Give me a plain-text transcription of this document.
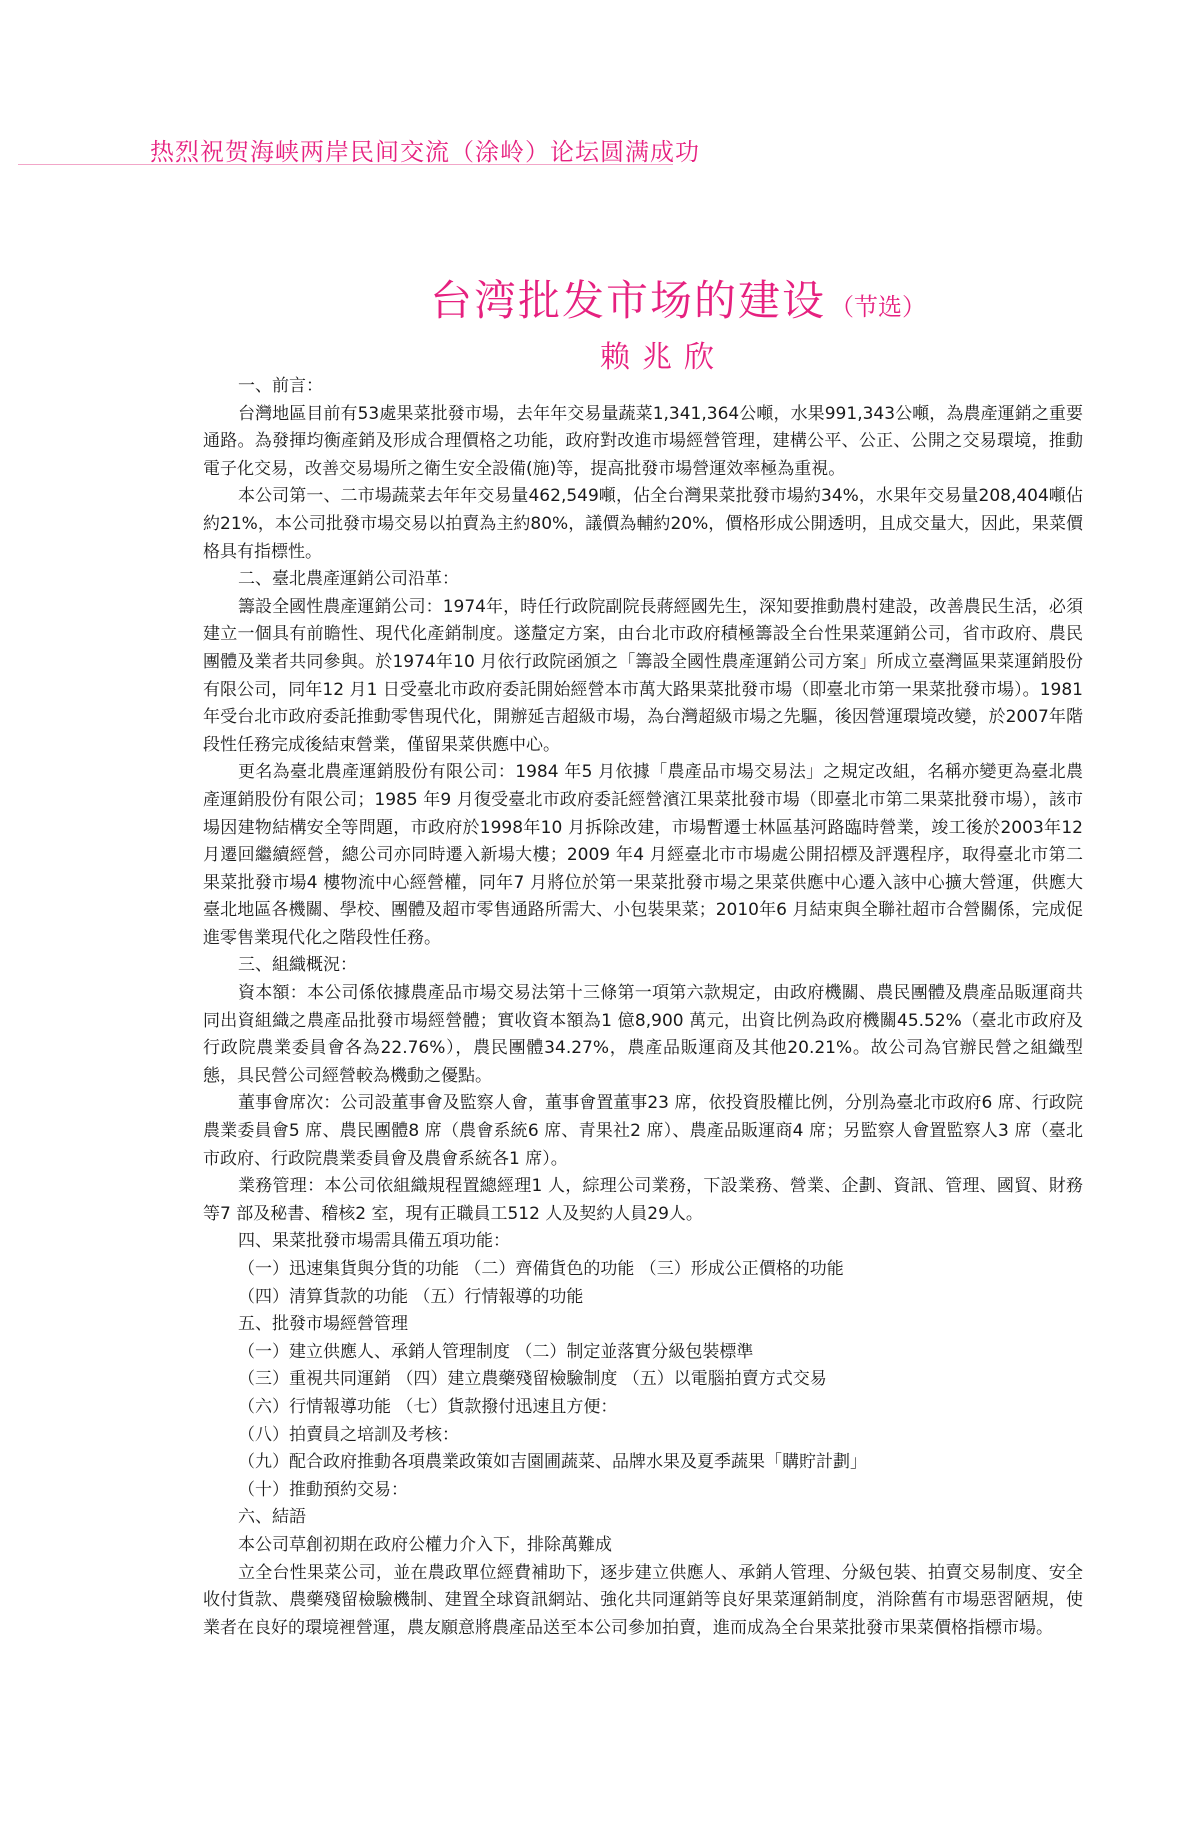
热烈祝贺海峡两岸民间交流（涂岭）论坛圆满成功
台湾批发市场的建设 （节选）
赖兆欣

一、前言：

台灣地區目前有53處果菜批發市場，去年年交易量蔬菜1,341,364公噸，水果991,343公噸，為農產運銷之重要通路。為發揮均衡產銷及形成合理價格之功能，政府對改進市場經營管理，建構公平、公正、公開之交易環境，推動電子化交易，改善交易場所之衛生安全設備(施)等，提高批發市場營運效率極為重視。

本公司第一、二市場蔬菜去年年交易量462,549噸，佔全台灣果菜批發市場約34%，水果年交易量208,404噸佔約21%，本公司批發市場交易以拍賣為主約80%，議價為輔約20%，價格形成公開透明，且成交量大，因此，果菜價格具有指標性。

二、臺北農產運銷公司沿革：

籌設全國性農產運銷公司：1974年，時任行政院副院長蔣經國先生，深知要推動農村建設，改善農民生活，必須建立一個具有前瞻性、現代化產銷制度。遂釐定方案，由台北市政府積極籌設全台性果菜運銷公司，省市政府、農民團體及業者共同參與。於1974年10 月依行政院函頒之「籌設全國性農產運銷公司方案」所成立臺灣區果菜運銷股份有限公司，同年12 月1 日受臺北市政府委託開始經營本市萬大路果菜批發市場（即臺北市第一果菜批發市場）。1981年受台北市政府委託推動零售現代化，開辦延吉超級市場，為台灣超級市場之先驅，後因營運環境改變，於2007年階段性任務完成後結束營業，僅留果菜供應中心。

更名為臺北農產運銷股份有限公司：1984 年5 月依據「農產品市場交易法」之規定改組，名稱亦變更為臺北農產運銷股份有限公司；1985 年9 月復受臺北市政府委託經營濱江果菜批發市場（即臺北市第二果菜批發市場），該市場因建物結構安全等問題，市政府於1998年10 月拆除改建，市場暫遷士林區基河路臨時營業，竣工後於2003年12 月遷回繼續經營，總公司亦同時遷入新場大樓；2009 年4 月經臺北市市場處公開招標及評選程序，取得臺北市第二果菜批發市場4 樓物流中心經營權，同年7 月將位於第一果菜批發市場之果菜供應中心遷入該中心擴大營運，供應大臺北地區各機關、學校、團體及超市零售通路所需大、小包裝果菜；2010年6 月結束與全聯社超市合營關係，完成促進零售業現代化之階段性任務。

三、組織概況：

資本額：本公司係依據農產品市場交易法第十三條第一項第六款規定，由政府機關、農民團體及農產品販運商共同出資組織之農產品批發市場經營體；實收資本額為1 億8,900 萬元，出資比例為政府機關45.52%（臺北市政府及行政院農業委員會各為22.76%），農民團體34.27%，農產品販運商及其他20.21%。故公司為官辦民營之組織型態，具民營公司經營較為機動之優點。

董事會席次：公司設董事會及監察人會，董事會置董事23 席，依投資股權比例，分別為臺北市政府6 席、行政院農業委員會5 席、農民團體8 席（農會系統6 席、青果社2 席）、農產品販運商4 席；另監察人會置監察人3 席（臺北市政府、行政院農業委員會及農會系統各1 席）。

業務管理：本公司依組織規程置總經理1 人，綜理公司業務，下設業務、營業、企劃、資訊、管理、國貿、財務等7 部及秘書、稽核2 室，現有正職員工512 人及契約人員29人。

四、果菜批發市場需具備五項功能：

（一）迅速集貨與分貨的功能 （二）齊備貨色的功能 （三）形成公正價格的功能

（四）清算貨款的功能 （五）行情報導的功能

五、批發市場經營管理

（一）建立供應人、承銷人管理制度 （二）制定並落實分級包裝標準

（三）重視共同運銷 （四）建立農藥殘留檢驗制度 （五）以電腦拍賣方式交易

（六）行情報導功能 （七）貨款撥付迅速且方便：

（八）拍賣員之培訓及考核：

（九）配合政府推動各項農業政策如吉園圃蔬菜、品牌水果及夏季蔬果「購貯計劃」

（十）推動預約交易：

六、結語

本公司草創初期在政府公權力介入下，排除萬難成

立全台性果菜公司，並在農政單位經費補助下，逐步建立供應人、承銷人管理、分級包裝、拍賣交易制度、安全收付貨款、農藥殘留檢驗機制、建置全球資訊網站、強化共同運銷等良好果菜運銷制度，消除舊有市場惡習陋規，使業者在良好的環境裡營運，農友願意將農產品送至本公司參加拍賣，進而成為全台果菜批發市果菜價格指標市場。
